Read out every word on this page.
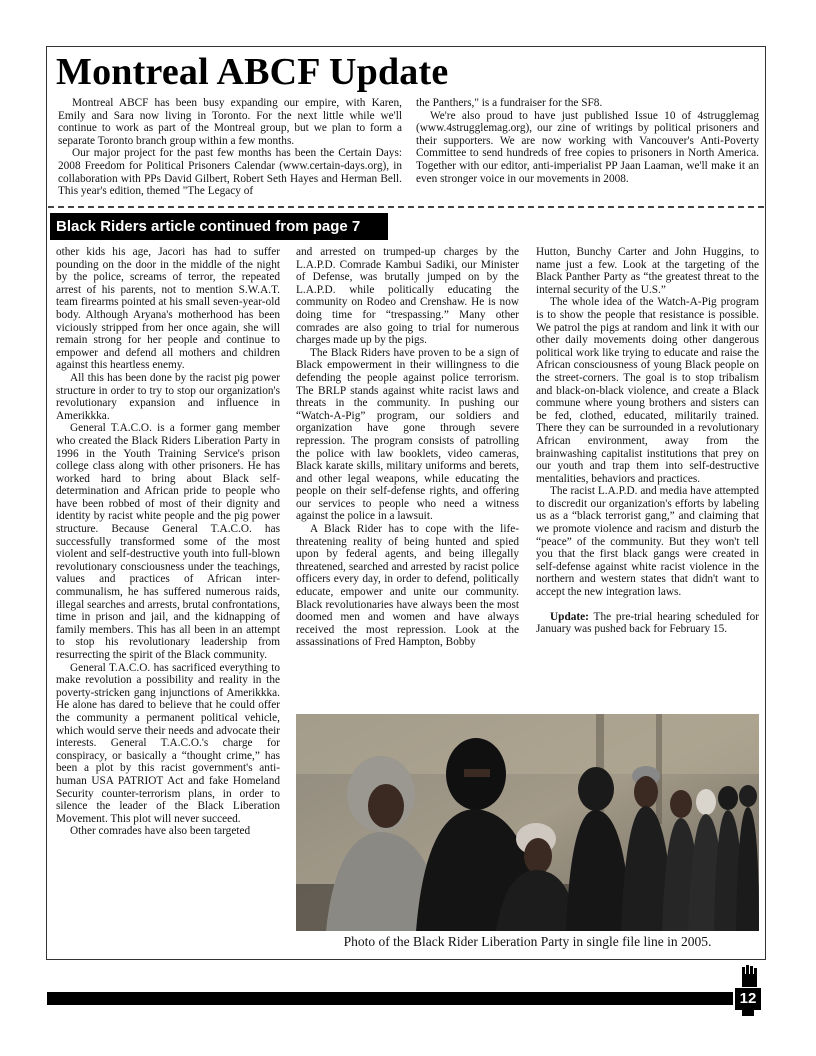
Montreal ABCF Update

Montreal ABCF has been busy expanding our empire, with Karen, Emily and Sara now living in Toronto. For the next little while we'll continue to work as part of the Montreal group, but we plan to form a separate Toronto branch group within a few months.

Our major project for the past few months has been the Certain Days: 2008 Freedom for Political Prisoners Calendar (www.certain-days.org), in collaboration with PPs David Gilbert, Robert Seth Hayes and Herman Bell. This year's edition, themed "The Legacy of

the Panthers," is a fundraiser for the SF8.

We're also proud to have just published Issue 10 of 4strugglemag (www.4strugglemag.org), our zine of writings by political prisoners and their supporters. We are now working with Vancouver's Anti-Poverty Committee to send hundreds of free copies to prisoners in North America. Together with our editor, anti-imperialist PP Jaan Laaman, we'll make it an even stronger voice in our movements in 2008.

Black Riders article continued from page 7

other kids his age, Jacori has had to suffer pounding on the door in the middle of the night by the police, screams of terror, the repeated arrest of his parents, not to mention S.W.A.T. team firearms pointed at his small seven-year-old body. Although Aryana's motherhood has been viciously stripped from her once again, she will remain strong for her people and continue to empower and defend all mothers and children against this heartless enemy.

All this has been done by the racist pig power structure in order to try to stop our organization's revolutionary expansion and influence in Amerikkka.

General T.A.C.O. is a former gang member who created the Black Riders Liberation Party in 1996 in the Youth Training Service's prison college class along with other prisoners. He has worked hard to bring about Black self-determination and African pride to people who have been robbed of most of their dignity and identity by racist white people and the pig power structure. Because General T.A.C.O. has successfully transformed some of the most violent and self-destructive youth into full-blown revolutionary consciousness under the teachings, values and practices of African inter-communalism, he has suffered numerous raids, illegal searches and arrests, brutal confrontations, time in prison and jail, and the kidnapping of family members. This has all been in an attempt to stop his revolutionary leadership from resurrecting the spirit of the Black community.

General T.A.C.O. has sacrificed everything to make revolution a possibility and reality in the poverty-stricken gang injunctions of Amerikkka. He alone has dared to believe that he could offer the community a permanent political vehicle, which would serve their needs and advocate their interests. General T.A.C.O.'s charge for conspiracy, or basically a “thought crime,” has been a plot by this racist government's anti-human USA PATRIOT Act and fake Homeland Security counter-terrorism plans, in order to silence the leader of the Black Liberation Movement. This plot will never succeed.

Other comrades have also been targeted

and arrested on trumped-up charges by the L.A.P.D. Comrade Kambui Sadiki, our Minister of Defense, was brutally jumped on by the L.A.P.D. while politically educating the community on Rodeo and Crenshaw. He is now doing time for “trespassing.” Many other comrades are also going to trial for numerous charges made up by the pigs.

The Black Riders have proven to be a sign of Black empowerment in their willingness to die defending the people against police terrorism. The BRLP stands against white racist laws and threats in the community. In pushing our “Watch-A-Pig” program, our soldiers and organization have gone through severe repression. The program consists of patrolling the police with law booklets, video cameras, Black karate skills, military uniforms and berets, and other legal weapons, while educating the people on their self-defense rights, and offering our services to people who need a witness against the police in a lawsuit.

A Black Rider has to cope with the life-threatening reality of being hunted and spied upon by federal agents, and being illegally threatened, searched and arrested by racist police officers every day, in order to defend, politically educate, empower and unite our community. Black revolutionaries have always been the most doomed men and women and have always received the most repression. Look at the assassinations of Fred Hampton, Bobby

Hutton, Bunchy Carter and John Huggins, to name just a few. Look at the targeting of the Black Panther Party as “the greatest threat to the internal security of the U.S.”

The whole idea of the Watch-A-Pig program is to show the people that resistance is possible. We patrol the pigs at random and link it with our other daily movements doing other dangerous political work like trying to educate and raise the African consciousness of young Black people on the street-corners. The goal is to stop tribalism and black-on-black violence, and create a Black commune where young brothers and sisters can be fed, clothed, educated, militarily trained. There they can be surrounded in a revolutionary African environment, away from the brainwashing capitalist institutions that prey on our youth and trap them into self-destructive mentalities, behaviors and practices.

The racist L.A.P.D. and media have attempted to discredit our organization's efforts by labeling us as a “black terrorist gang,” and claiming that we promote violence and racism and disturb the “peace” of the community. But they won't tell you that the first black gangs were created in self-defense against white racist violence in the northern and western states that didn't want to accept the new integration laws.

Update: The pre-trial hearing scheduled for January was pushed back for February 15.

Photo of the Black Rider Liberation Party in single file line in 2005.
12
